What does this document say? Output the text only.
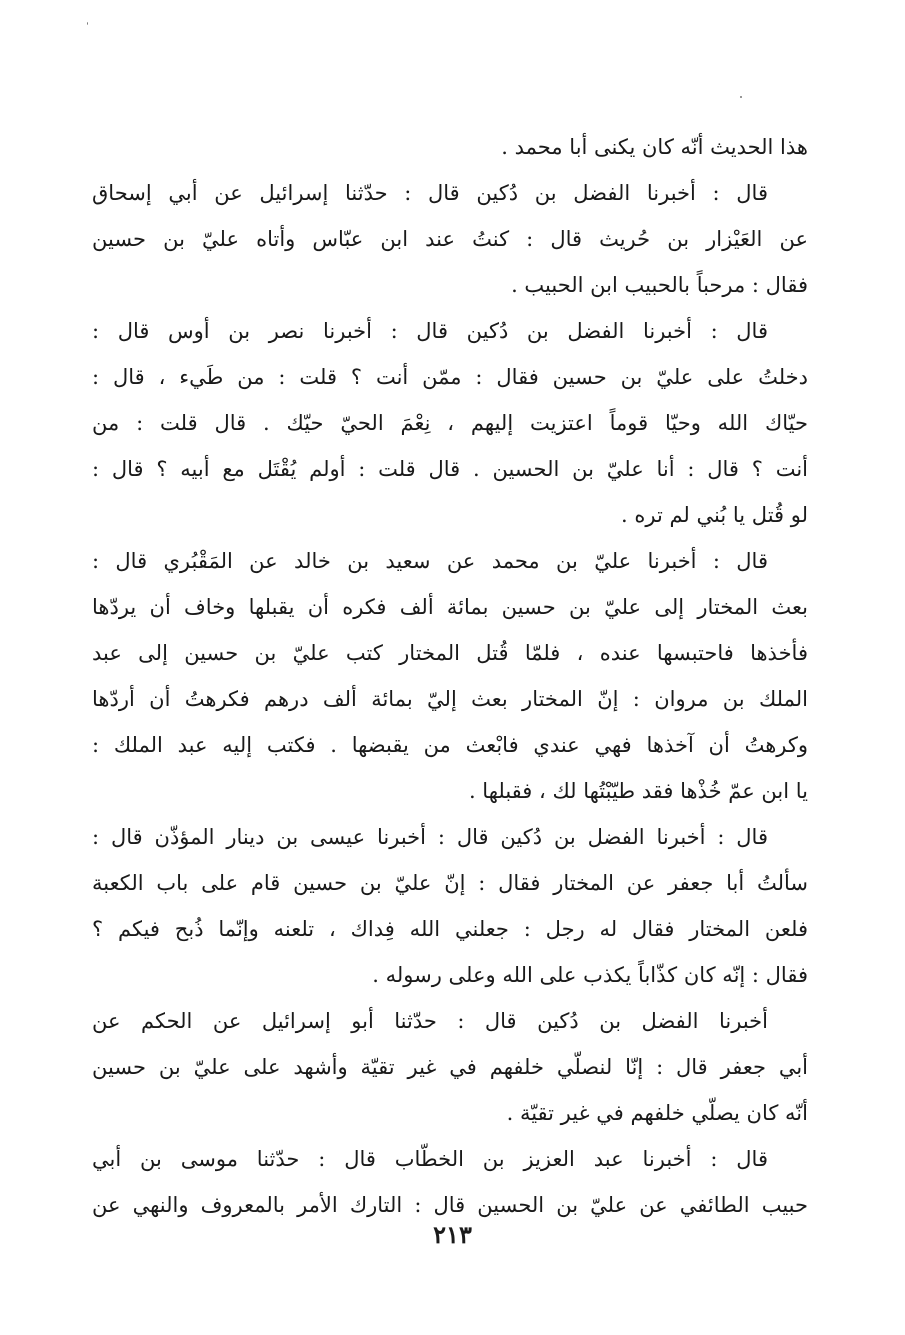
هذا الحديث أنّه كان يكنى أبا محمد .
قال : أخبرنا الفضل بن دُكين قال : حدّثنا إسرائيل عن أبي إسحاق
عن العَيْزار بن حُريث قال : كنتُ عند ابن عبّاس وأتاه عليّ بن حسين
فقال : مرحباً بالحبيب ابن الحبيب .
قال : أخبرنا الفضل بن دُكين قال : أخبرنا نصر بن أوس قال :
دخلتُ على عليّ بن حسين فقال : ممّن أنت ؟ قلت : من طَيء ، قال :
حيّاك الله وحيّا قوماً اعتزيت إليهم ، نِعْمَ الحيّ حيّك . قال قلت : من
أنت ؟ قال : أنا عليّ بن الحسين . قال قلت : أولم يُقْتَل مع أبيه ؟ قال :
لو قُتل يا بُني لم تره .
قال : أخبرنا عليّ بن محمد عن سعيد بن خالد عن المَقْبُري قال :
بعث المختار إلى عليّ بن حسين بمائة ألف فكره أن يقبلها وخاف أن يردّها
فأخذها فاحتبسها عنده ، فلمّا قُتل المختار كتب عليّ بن حسين إلى عبد
الملك بن مروان : إنّ المختار بعث إليّ بمائة ألف درهم فكرهتُ أن أردّها
وكرهتُ أن آخذها فهي عندي فابْعث من يقبضها . فكتب إليه عبد الملك :
يا ابن عمّ خُذْها فقد طيّبْتُها لك ، فقبلها .
قال : أخبرنا الفضل بن دُكين قال : أخبرنا عيسى بن دينار المؤذّن قال :
سألتُ أبا جعفر عن المختار فقال : إنّ عليّ بن حسين قام على باب الكعبة
فلعن المختار فقال له رجل : جعلني الله فِداك ، تلعنه وإنّما ذُبح فيكم ؟
فقال : إنّه كان كذّاباً يكذب على الله وعلى رسوله .
أخبرنا الفضل بن دُكين قال : حدّثنا أبو إسرائيل عن الحكم عن
أبي جعفر قال : إنّا لنصلّي خلفهم في غير تقيّة وأشهد على عليّ بن حسين
أنّه كان يصلّي خلفهم في غير تقيّة .
قال : أخبرنا عبد العزيز بن الخطّاب قال : حدّثنا موسى بن أبي
حبيب الطائفي عن عليّ بن الحسين قال : التارك الأمر بالمعروف والنهي عن
٢١٣
